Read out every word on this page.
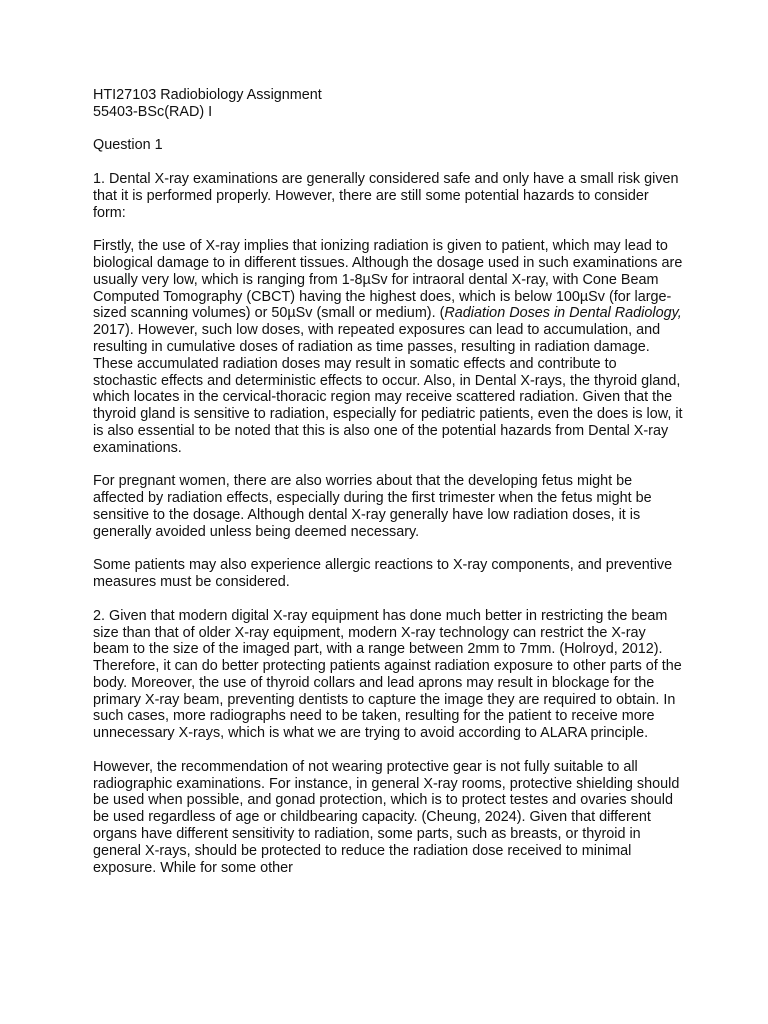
HTI27103 Radiobiology Assignment

55403-BSc(RAD) I

Question 1

1. Dental X-ray examinations are generally considered safe and only have a small risk given that it is performed properly. However, there are still some potential hazards to consider form:

Firstly, the use of X-ray implies that ionizing radiation is given to patient, which may lead to biological damage to in different tissues. Although the dosage used in such examinations are usually very low, which is ranging from 1-8µSv for intraoral dental X-ray, with Cone Beam Computed Tomography (CBCT) having the highest does, which is below 100µSv (for large-sized scanning volumes) or 50µSv (small or medium). (Radiation Doses in Dental Radiology, 2017). However, such low doses, with repeated exposures can lead to accumulation, and resulting in cumulative doses of radiation as time passes, resulting in radiation damage. These accumulated radiation doses may result in somatic effects and contribute to stochastic effects and deterministic effects to occur. Also, in Dental X-rays, the thyroid gland, which locates in the cervical-thoracic region may receive scattered radiation. Given that the thyroid gland is sensitive to radiation, especially for pediatric patients, even the does is low, it is also essential to be noted that this is also one of the potential hazards from Dental X-ray examinations.

For pregnant women, there are also worries about that the developing fetus might be affected by radiation effects, especially during the first trimester when the fetus might be sensitive to the dosage. Although dental X-ray generally have low radiation doses, it is generally avoided unless being deemed necessary.

Some patients may also experience allergic reactions to X-ray components, and preventive measures must be considered.

2. Given that modern digital X-ray equipment has done much better in restricting the beam size than that of older X-ray equipment, modern X-ray technology can restrict the X-ray beam to the size of the imaged part, with a range between 2mm to 7mm. (Holroyd, 2012). Therefore, it can do better protecting patients against radiation exposure to other parts of the body. Moreover, the use of thyroid collars and lead aprons may result in blockage for the primary X-ray beam, preventing dentists to capture the image they are required to obtain. In such cases, more radiographs need to be taken, resulting for the patient to receive more unnecessary X-rays, which is what we are trying to avoid according to ALARA principle.

However, the recommendation of not wearing protective gear is not fully suitable to all radiographic examinations. For instance, in general X-ray rooms, protective shielding should be used when possible, and gonad protection, which is to protect testes and ovaries should be used regardless of age or childbearing capacity. (Cheung, 2024). Given that different organs have different sensitivity to radiation, some parts, such as breasts, or thyroid in general X-rays, should be protected to reduce the radiation dose received to minimal exposure. While for some other
